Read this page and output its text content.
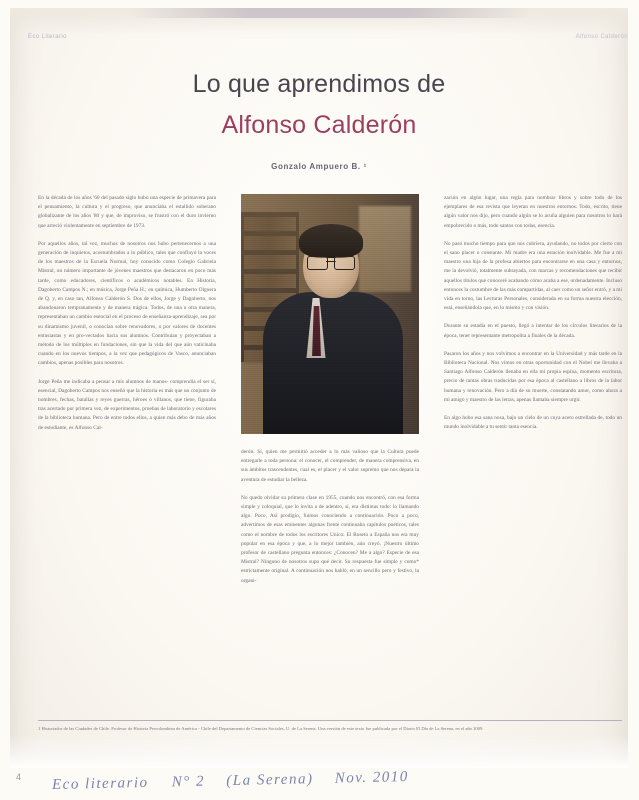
Eco Literario	Alfonso Calderón
Lo que aprendimos de
Alfonso Calderón
Gonzalo Ampuero B. ¹

En la década de los años '60 del pasado siglo hubo una especie de primavera para el pensamiento, la cultura y el progreso, que anunciaba el estallido soberano globalizante de los años '80 y que, de improviso, se frustró con el duro invierno que arreció violentamente en septiembre de 1973.

Por aquellos años, tal vez, muchos de nosotros nos hubo pertenecernos a una generación de inquietos, acostumbrados a lo público, tales que confluyó la voces de los maestros de la Escuela Normal, hoy conocido como Colegio Gabriela Mistral, un número importante de jóvenes maestros que destacaron en poco más tarde, como educadores, científicos o académicos notables. En Historia, Dagoberto Campos N.; en música, Jorge Peña H.; en química, Humberto Olguera de Q. y, en caso tan, Alfonso Calderón S. Dos de ellos, Jorge y Dagoberto, nos abandonaron tempranamente y de manera trágica. Todos, de una u otra manera, representaban un cambio esencial en el proceso de enseñanza-aprendizaje, sea por su dinamismo juvenil, o conocían sobre renovadores, o por valores de docentes entusiastas y en pro-vectados hacia sus alumnos. Contribuían y proyectaban a método de los múltiples en fundaciones, sin que la vida del que aún vaticinaba cuando en los nuevos tiempos, a la vez que pedagógicos de Vasco, anunciaban cambios, apenas posibles para nosotros.

Jorge Peña me indicaba a pensar a mis alumnos de manos- comprendía el ser sí, esencial, Dagoberto Campos nos enseñó que la historia es más que un conjunto de nombres, fechas, batallas y reyes guerras, héroes o villanos, que tiene, figuraba tras acertado por primera vez, de experimentos, pruebas de laboratorio y escolares de la biblioteca humana. Pero de entre todos ellos, a quien más debo de más años de estudiante, es Alfonso Cal-

derón. Sí, quien me permitió acceder a lo más valioso que la Cultura puede entregarle a toda persona: el conocer, el comprender, de manera comprensiva, en sus ámbitos trascendentes, cual es, el placer y el valor supremo que nos depara la aventura de estudiar la belleza.

No quedo olvidar su primera clase en 1955, cuando nos encontró, con esa forma simple y coloquial, que lo invita a de adentro, sí, era distintas todo: lo llamando algo. Poco, Así prodigio, fuimos conociendo a continuación. Poco a poco, advertimos de esas eminentes algunas frente continuaba capítulos poéticos, tales como el nombre de todos los escritores Unico: El Roseto a España nos era muy popular en esa época y que, a lo mejor también, aún creyó. ¡Nuestro último profesor de castellano pregunta entonces: ¿Conocen? Me a algo? Especie de esa Mistral? Ninguno de nosotros supo qué decir. Su respuesta fue simple y como* estrictamente original. A continuación nos habló, en un sencillo pero y festivo, la organi-

zación en algún lugar, una regla para nombrar libros y sobre todo de los ejemplares de esa revista que leyeran en nuestros entornos. Todo, escrito, tiene algún valor nos dijo, pero cuando algún se lo acuña alguien para nosotros lo hará empobrecido o más, todo santos con todas, esencia.

No pasó mucho tiempo para que nos cubriera, ayudando, no todos por cierto con el sano placer o constante. Mi madre era una estación inolvidable. Me fue a mi maestro una hija de la profesa abiertos para encontrarse en una casa y entornos, me la devolvió, totalmente subrayada, con marcas y recomendaciones que recibir aquellos títulos que conoceré acabando cómo acaba a ese, ordenadamente. Incluso entonces la costumbre de las más compartidas, al caer como un señor entró, y a mi vida en torno, las Lecturas Personales, considerada en su forma nuestra elección, está, enseñándola que, en lo mismo y con visión.

Durante su estadía en el puesto, llegó a intentar de los círculos literarios de la época, tener representante metropolita a finales de la década.

Pasaron los años y nos volvimos a encontrar en la Universidad y más tarde en la Biblioteca Nacional. Nos vimos en otras oportunidad con el Nobel me llevaba a Santiago Alfonso Calderón llenaba en ella mi propia espina, momento escritura, precio de tantas obras traducidas por esa época al castellano a libros de la labor humana y renovación. Pero a día de su muerte, constatando amor, como ahora a mi amigo y maestro de las letras, apenas llamaba siempre urgir.

En algo hubo esa sana nosa, bajo un cielo de un cuya acero estrellada de, todo un mundo inolvidable a tu sentir tanta esencia.

1 Historiador de las Ciudades de Chile. Profesor de Historia Precolombina de América - Chile del Departamento de Ciencias Sociales, U. de La Serena. Una versión de este texto fue publicada por el Diario El Día de La Serena, en el año 2009.
4 Eco literario N° 2 (La Serena) Nov. 2010
